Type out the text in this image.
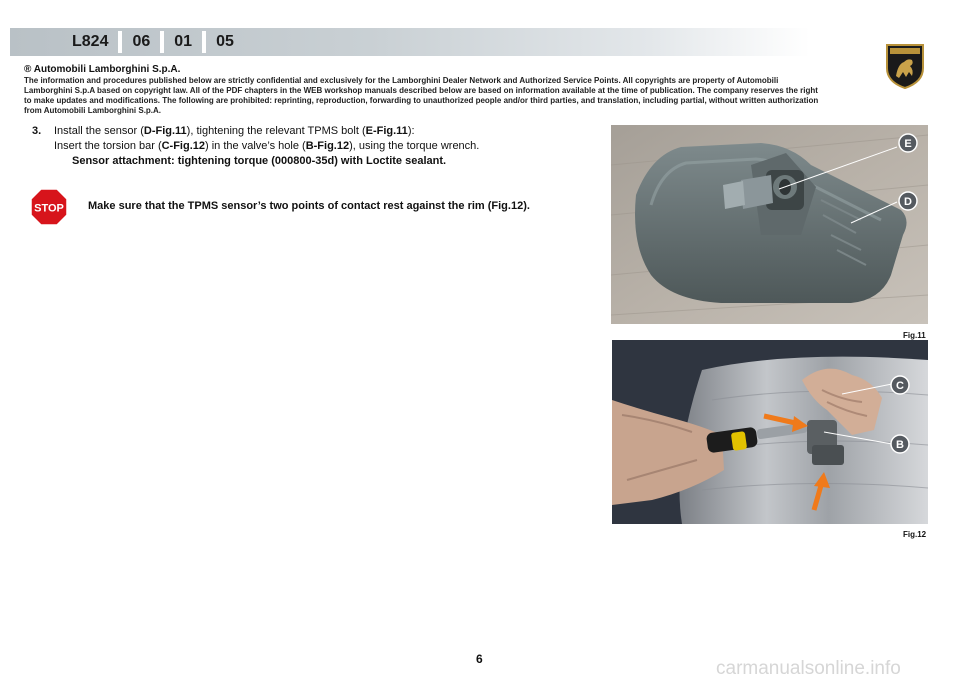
L824	06	01	05
® Automobili Lamborghini S.p.A.
The information and procedures published below are strictly confidential and exclusively for the Lamborghini Dealer Network and Authorized Service Points. All copyrights are property of Automobili Lamborghini S.p.A based on copyright law. All of the PDF chapters in the WEB workshop manuals described below are based on information available at the time of publication. The company reserves the right to make updates and modifications. The following are prohibited: reprinting, reproduction, forwarding to unauthorized people and/or third parties, and translation, including partial, without written authorization from Automobili Lamborghini S.p.A.
3. Install the sensor (D-Fig.11), tightening the relevant TPMS bolt (E-Fig.11):
Insert the torsion bar (C-Fig.12) in the valve’s hole (B-Fig.12), using the torque wrench.
Sensor attachment: tightening torque (000800-35d) with Loctite sealant.
STOP Make sure that the TPMS sensor’s two points of contact rest against the rim (Fig.12).
E
D
Fig.11
C
B
Fig.12
6	carmanualsonline.info
